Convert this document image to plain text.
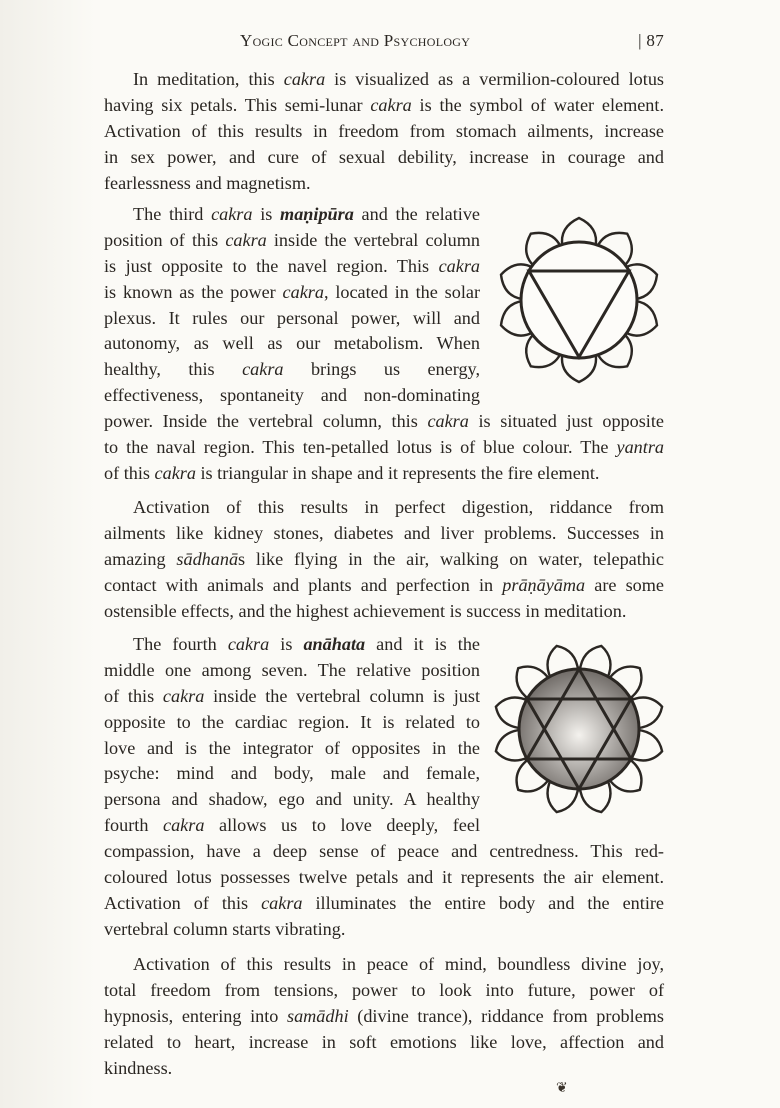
Yogic Concept and Psychology	| 87
In meditation, this cakra is visualized as a vermilion-coloured lotus
having six petals. This semi-lunar cakra is the symbol of water element.
Activation of this results in freedom from stomach ailments, increase
in sex power, and cure of sexual debility, increase in courage and
fearlessness and magnetism.
The third cakra is maṇipūra and the relative
position of this cakra inside the vertebral column
is just opposite to the navel region. This cakra
is known as the power cakra, located in the solar
plexus. It rules our personal power, will and
autonomy, as well as our metabolism. When
healthy, this cakra brings us energy,
effectiveness, spontaneity and non-dominating
power. Inside the vertebral column, this cakra is situated just opposite
to the naval region. This ten-petalled lotus is of blue colour. The yantra
of this cakra is triangular in shape and it represents the fire element.
Activation of this results in perfect digestion, riddance from
ailments like kidney stones, diabetes and liver problems. Successes in
amazing sādhanās like flying in the air, walking on water, telepathic
contact with animals and plants and perfection in prāṇāyāma are some
ostensible effects, and the highest achievement is success in meditation.
The fourth cakra is anāhata and it is the
middle one among seven. The relative position
of this cakra inside the vertebral column is just
opposite to the cardiac region. It is related to
love and is the integrator of opposites in the
psyche: mind and body, male and female,
persona and shadow, ego and unity. A healthy
fourth cakra allows us to love deeply, feel
compassion, have a deep sense of peace and centredness. This red-
coloured lotus possesses twelve petals and it represents the air element.
Activation of this cakra illuminates the entire body and the entire
vertebral column starts vibrating.
Activation of this results in peace of mind, boundless divine joy,
total freedom from tensions, power to look into future, power of
hypnosis, entering into samādhi (divine trance), riddance from problems
related to heart, increase in soft emotions like love, affection and
kindness.
❦
